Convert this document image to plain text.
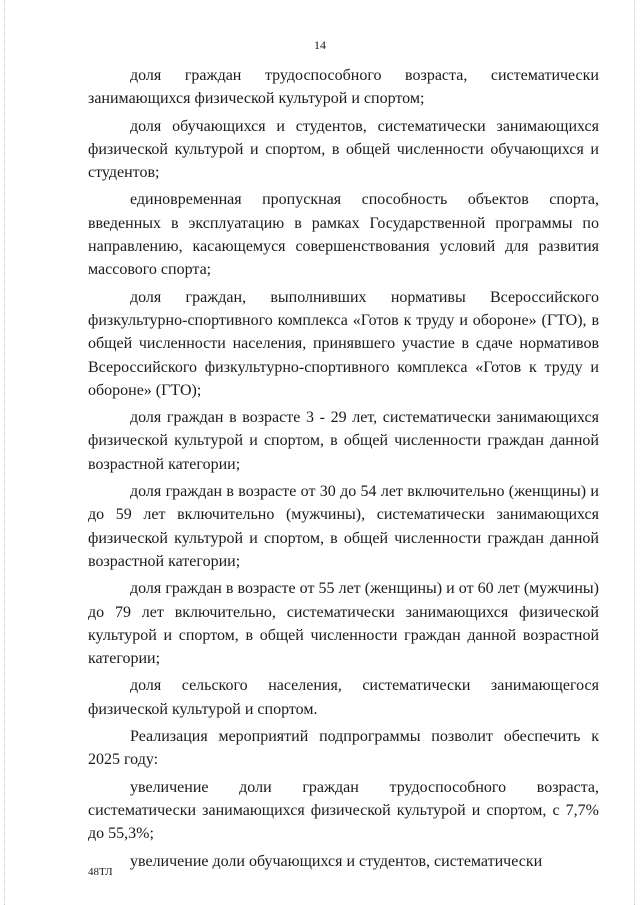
14

доля граждан трудоспособного возраста, систематически занимающихся физической культурой и спортом;

доля обучающихся и студентов, систематически занимающихся физической культурой и спортом, в общей численности обучающихся и студентов;

единовременная пропускная способность объектов спорта, введенных в эксплуатацию в рамках Государственной программы по направлению, касающемуся совершенствования условий для развития массового спорта;

доля граждан, выполнивших нормативы Всероссийского физкультурно-спортивного комплекса «Готов к труду и обороне» (ГТО), в общей численности населения, принявшего участие в сдаче нормативов Всероссийского физкультурно-спортивного комплекса «Готов к труду и обороне» (ГТО);

доля граждан в возрасте 3 - 29 лет, систематически занимающихся физической культурой и спортом, в общей численности граждан данной возрастной категории;

доля граждан в возрасте от 30 до 54 лет включительно (женщины) и до 59 лет включительно (мужчины), систематически занимающихся физической культурой и спортом, в общей численности граждан данной возрастной категории;

доля граждан в возрасте от 55 лет (женщины) и от 60 лет (мужчины) до 79 лет включительно, систематически занимающихся физической культурой и спортом, в общей численности граждан данной возрастной категории;

доля сельского населения, систематически занимающегося физической культурой и спортом.

Реализация мероприятий подпрограммы позволит обеспечить к 2025 году:

увеличение доли граждан трудоспособного возраста, систематически занимающихся физической культурой и спортом, с 7,7% до 55,3%;

увеличение доли обучающихся и студентов, систематически

48ТЛ
